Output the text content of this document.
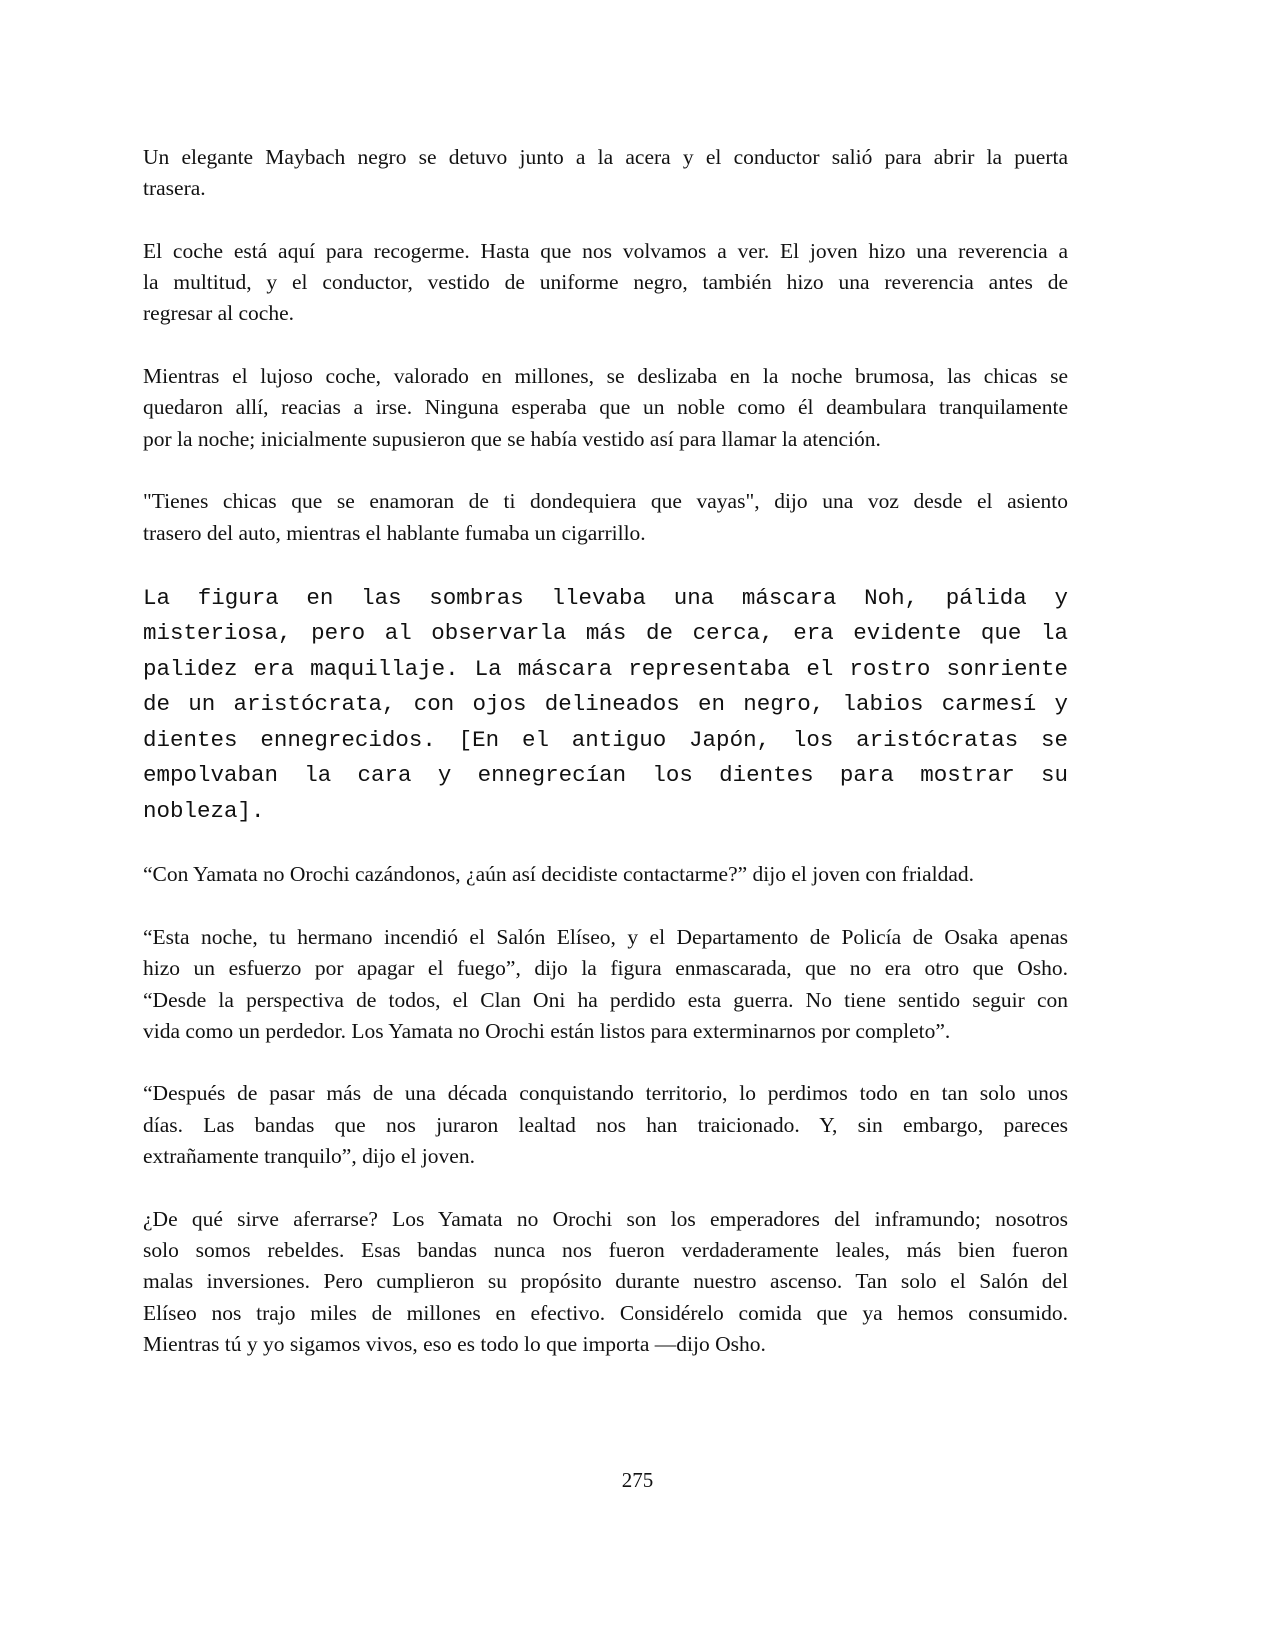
Un elegante Maybach negro se detuvo junto a la acera y el conductor salió para abrir la puerta
trasera.
El coche está aquí para recogerme. Hasta que nos volvamos a ver. El joven hizo una reverencia a
la multitud, y el conductor, vestido de uniforme negro, también hizo una reverencia antes de
regresar al coche.
Mientras el lujoso coche, valorado en millones, se deslizaba en la noche brumosa, las chicas se
quedaron allí, reacias a irse. Ninguna esperaba que un noble como él deambulara tranquilamente
por la noche; inicialmente supusieron que se había vestido así para llamar la atención.
"Tienes chicas que se enamoran de ti dondequiera que vayas", dijo una voz desde el asiento
trasero del auto, mientras el hablante fumaba un cigarrillo.
La figura en las sombras llevaba una máscara Noh, pálida y
misteriosa, pero al observarla más de cerca, era evidente que la
palidez era maquillaje. La máscara representaba el rostro sonriente
de un aristócrata, con ojos delineados en negro, labios carmesí y
dientes ennegrecidos. [En el antiguo Japón, los aristócratas se
empolvaban la cara y ennegrecían los dientes para mostrar su
nobleza].
“Con Yamata no Orochi cazándonos, ¿aún así decidiste contactarme?” dijo el joven con frialdad.
“Esta noche, tu hermano incendió el Salón Elíseo, y el Departamento de Policía de Osaka apenas
hizo un esfuerzo por apagar el fuego”, dijo la figura enmascarada, que no era otro que Osho.
“Desde la perspectiva de todos, el Clan Oni ha perdido esta guerra. No tiene sentido seguir con
vida como un perdedor. Los Yamata no Orochi están listos para exterminarnos por completo”.
“Después de pasar más de una década conquistando territorio, lo perdimos todo en tan solo unos
días. Las bandas que nos juraron lealtad nos han traicionado. Y, sin embargo, pareces
extrañamente tranquilo”, dijo el joven.
¿De qué sirve aferrarse? Los Yamata no Orochi son los emperadores del inframundo; nosotros
solo somos rebeldes. Esas bandas nunca nos fueron verdaderamente leales, más bien fueron
malas inversiones. Pero cumplieron su propósito durante nuestro ascenso. Tan solo el Salón del
Elíseo nos trajo miles de millones en efectivo. Considérelo comida que ya hemos consumido.
Mientras tú y yo sigamos vivos, eso es todo lo que importa —dijo Osho.
275
